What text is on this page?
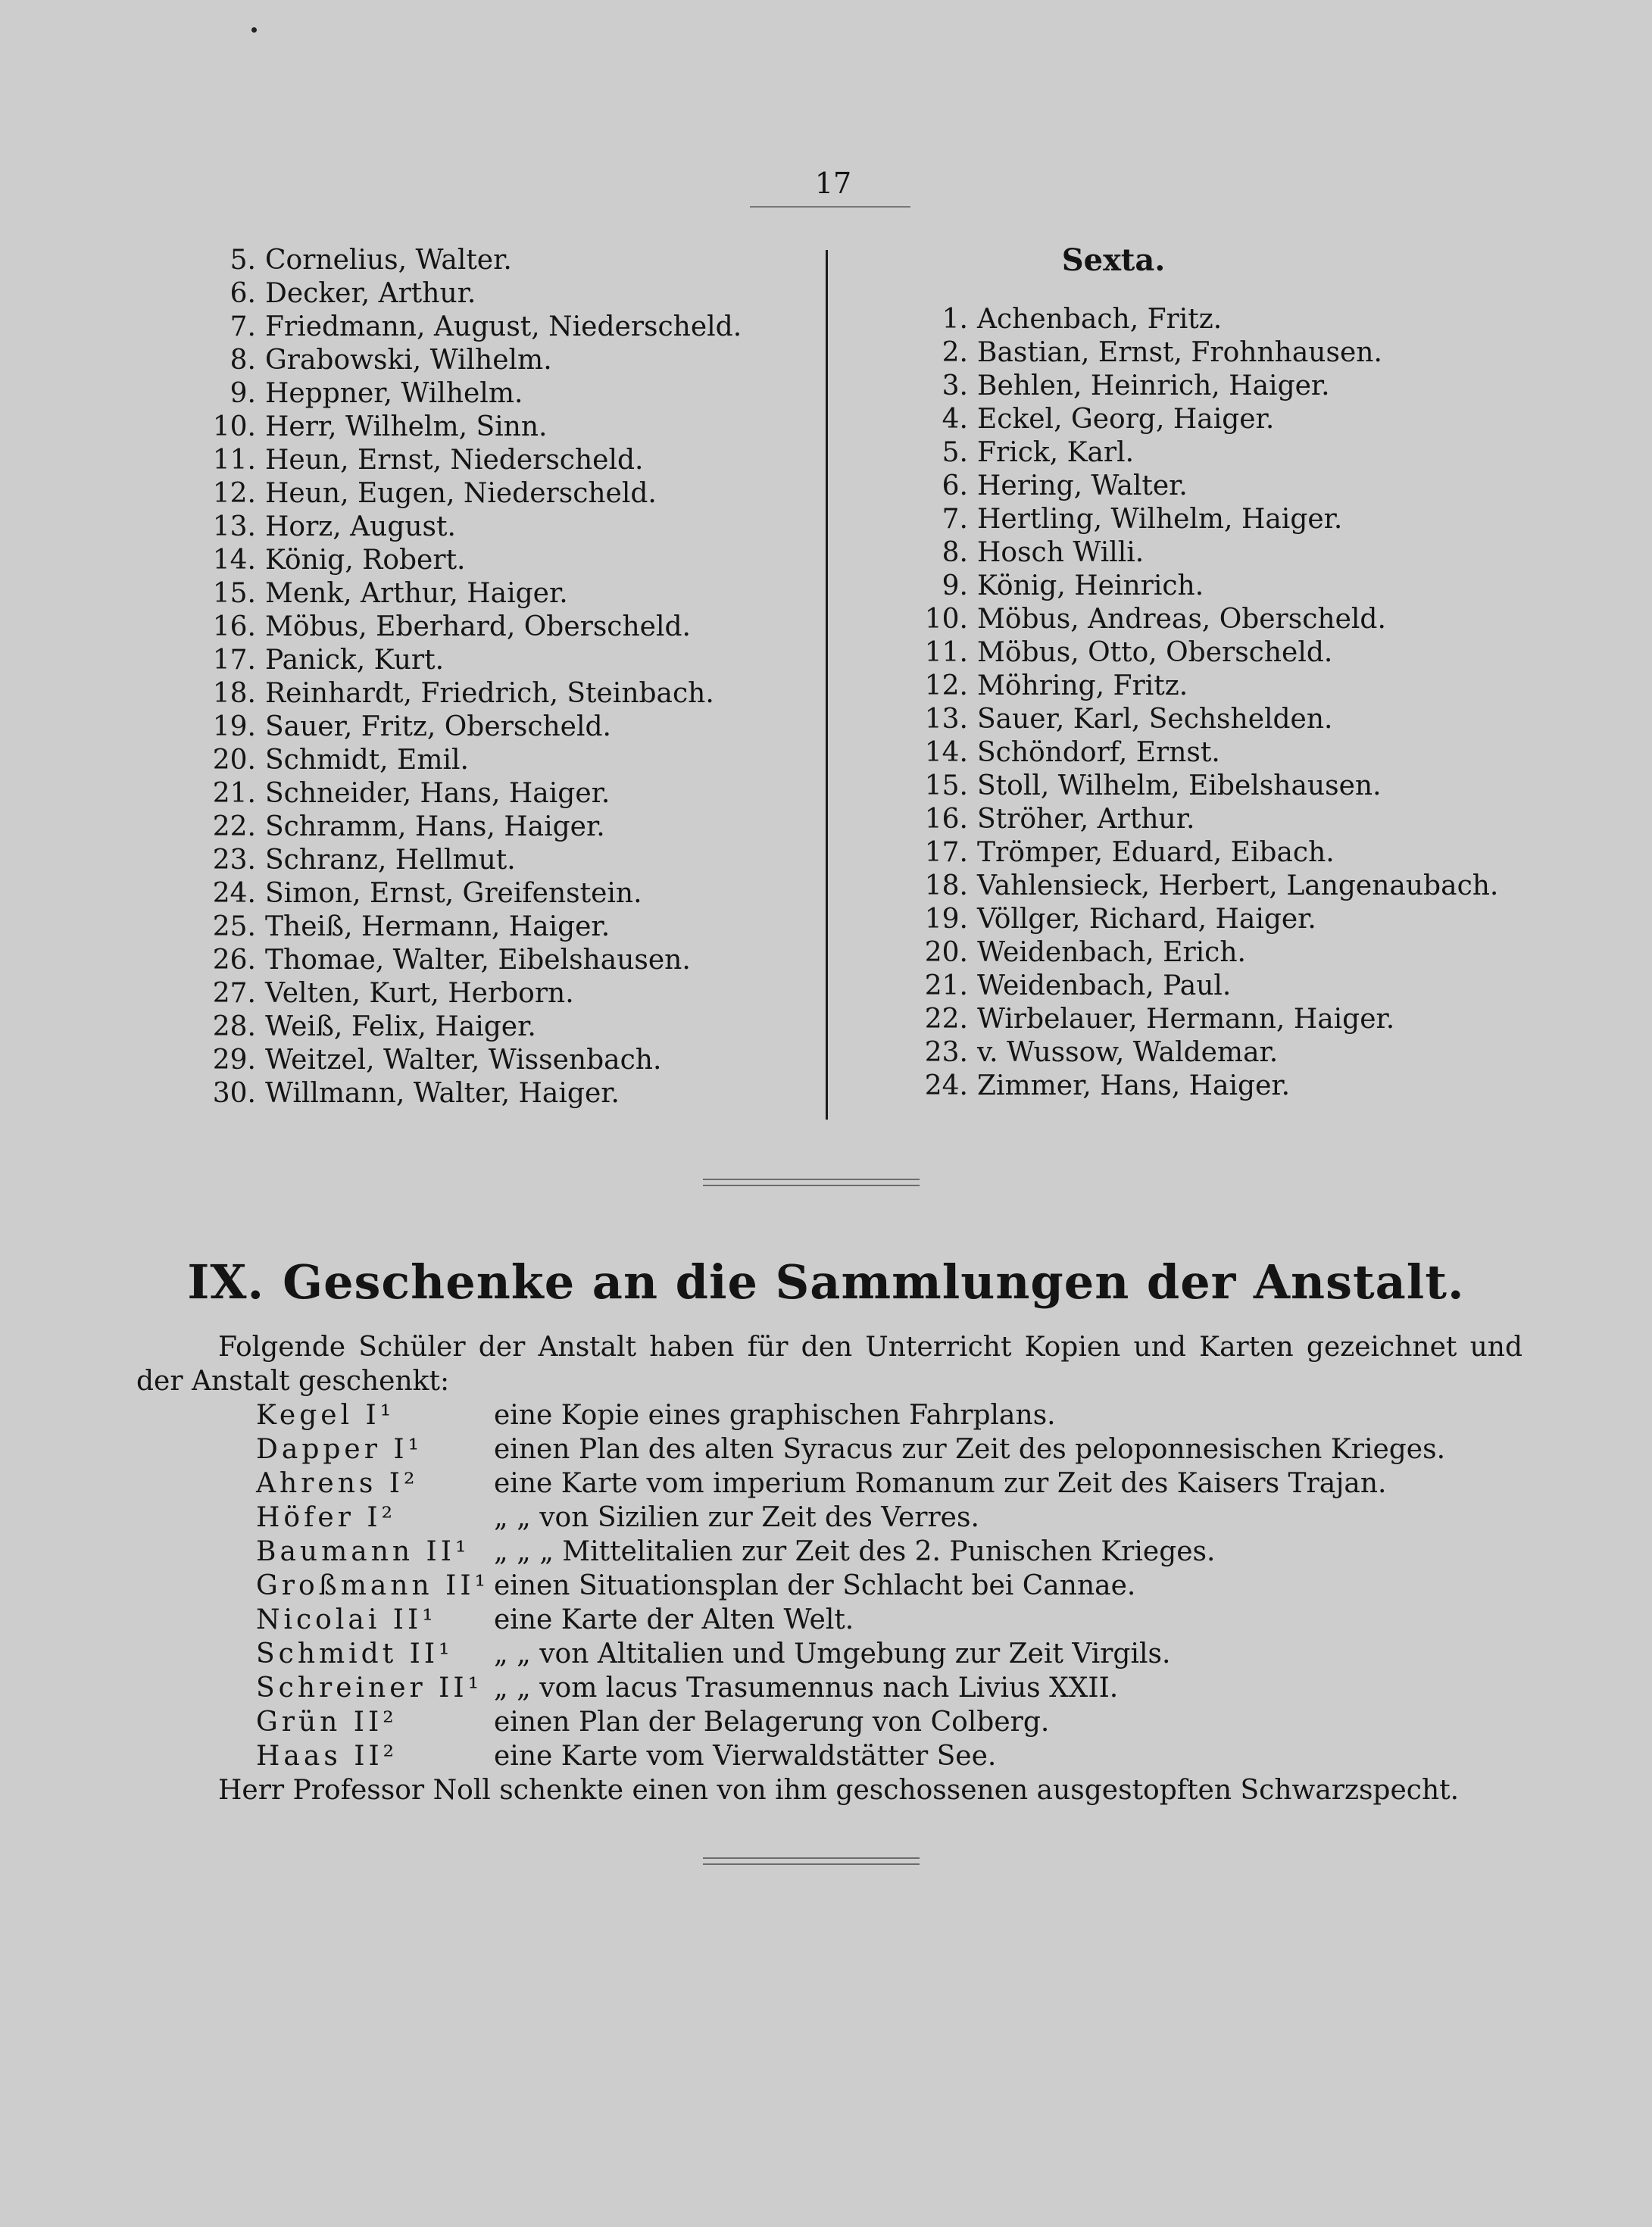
17
5. Cornelius, Walter.
6. Decker, Arthur.
7. Friedmann, August, Niederscheld.
8. Grabowski, Wilhelm.
9. Heppner, Wilhelm.
10. Herr, Wilhelm, Sinn.
11. Heun, Ernst, Niederscheld.
12. Heun, Eugen, Niederscheld.
13. Horz, August.
14. König, Robert.
15. Menk, Arthur, Haiger.
16. Möbus, Eberhard, Oberscheld.
17. Panick, Kurt.
18. Reinhardt, Friedrich, Steinbach.
19. Sauer, Fritz, Oberscheld.
20. Schmidt, Emil.
21. Schneider, Hans, Haiger.
22. Schramm, Hans, Haiger.
23. Schranz, Hellmut.
24. Simon, Ernst, Greifenstein.
25. Theiß, Hermann, Haiger.
26. Thomae, Walter, Eibelshausen.
27. Velten, Kurt, Herborn.
28. Weiß, Felix, Haiger.
29. Weitzel, Walter, Wissenbach.
30. Willmann, Walter, Haiger.
Sexta.
1. Achenbach, Fritz.
2. Bastian, Ernst, Frohnhausen.
3. Behlen, Heinrich, Haiger.
4. Eckel, Georg, Haiger.
5. Frick, Karl.
6. Hering, Walter.
7. Hertling, Wilhelm, Haiger.
8. Hosch Willi.
9. König, Heinrich.
10. Möbus, Andreas, Oberscheld.
11. Möbus, Otto, Oberscheld.
12. Möhring, Fritz.
13. Sauer, Karl, Sechshelden.
14. Schöndorf, Ernst.
15. Stoll, Wilhelm, Eibelshausen.
16. Ströher, Arthur.
17. Trömper, Eduard, Eibach.
18. Vahlensieck, Herbert, Langenaubach.
19. Völlger, Richard, Haiger.
20. Weidenbach, Erich.
21. Weidenbach, Paul.
22. Wirbelauer, Hermann, Haiger.
23. v. Wussow, Waldemar.
24. Zimmer, Hans, Haiger.
IX. Geschenke an die Sammlungen der Anstalt.

Folgende Schüler der Anstalt haben für den Unterricht Kopien und Karten gezeichnet und der Anstalt geschenkt:

Kegel I¹	eine Kopie eines graphischen Fahrplans.
Dapper I¹	einen Plan des alten Syracus zur Zeit des peloponnesischen Krieges.
Ahrens I²	eine Karte vom imperium Romanum zur Zeit des Kaisers Trajan.
Höfer I²	„ „ von Sizilien zur Zeit des Verres.
Baumann II¹ „ „ „ Mittelitalien zur Zeit des 2. Punischen Krieges.
Großmann II¹ einen Situationsplan der Schlacht bei Cannae.
Nicolai II¹	eine Karte der Alten Welt.
Schmidt II¹	„ „ von Altitalien und Umgebung zur Zeit Virgils.
Schreiner II¹ „ „ vom lacus Trasumennus nach Livius XXII.
Grün II²	einen Plan der Belagerung von Colberg.
Haas II²	eine Karte vom Vierwaldstätter See.

Herr Professor Noll schenkte einen von ihm geschossenen ausgestopften Schwarzspecht.
